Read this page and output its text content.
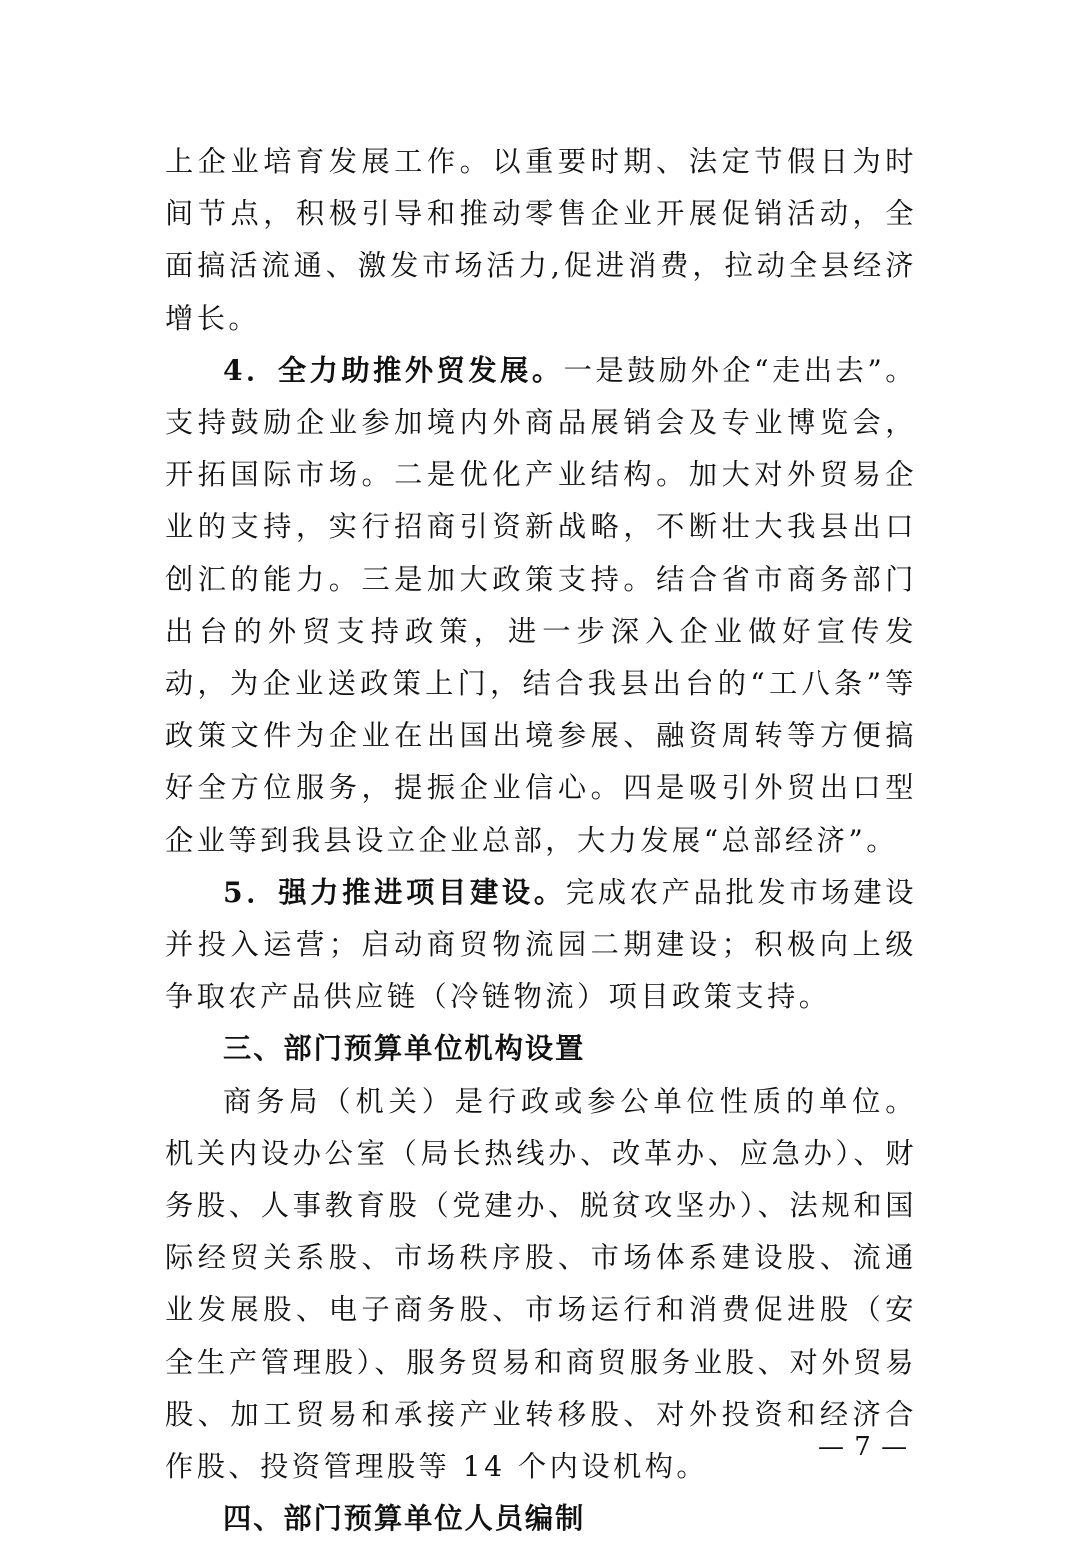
上企业培育发展工作。以重要时期、法定节假日为时间节点，积极引导和推动零售企业开展促销活动，全面搞活流通、激发市场活力,促进消费，拉动全县经济增长。

4．全力助推外贸发展。一是鼓励外企“走出去”。支持鼓励企业参加境内外商品展销会及专业博览会，开拓国际市场。二是优化产业结构。加大对外贸易企业的支持，实行招商引资新战略，不断壮大我县出口创汇的能力。三是加大政策支持。结合省市商务部门出台的外贸支持政策，进一步深入企业做好宣传发动，为企业送政策上门，结合我县出台的“工八条”等政策文件为企业在出国出境参展、融资周转等方便搞好全方位服务，提振企业信心。四是吸引外贸出口型企业等到我县设立企业总部，大力发展“总部经济”。

5．强力推进项目建设。完成农产品批发市场建设并投入运营；启动商贸物流园二期建设；积极向上级争取农产品供应链（冷链物流）项目政策支持。

三、部门预算单位机构设置

商务局（机关）是行政或参公单位性质的单位。机关内设办公室（局长热线办、改革办、应急办）、财务股、人事教育股（党建办、脱贫攻坚办）、法规和国际经贸关系股、市场秩序股、市场体系建设股、流通业发展股、电子商务股、市场运行和消费促进股（安全生产管理股）、服务贸易和商贸服务业股、对外贸易股、加工贸易和承接产业转移股、对外投资和经济合作股、投资管理股等 14 个内设机构。

四、部门预算单位人员编制

— 7 —
